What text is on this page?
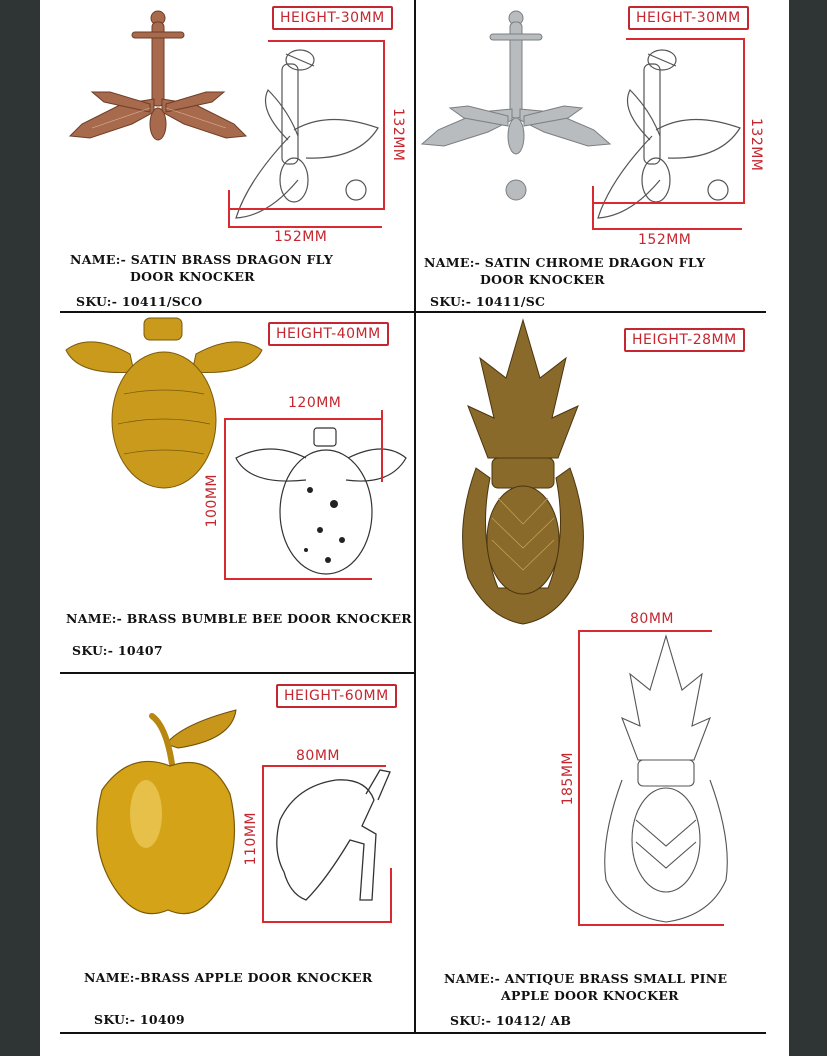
HEIGHT-30MM
132MM
152MM
NAME:- SATIN BRASS DRAGON FLY
DOOR KNOCKER
SKU:- 10411/SCO
HEIGHT-30MM
132MM
152MM
NAME:- SATIN CHROME DRAGON FLY
DOOR KNOCKER
SKU:- 10411/SC
HEIGHT-40MM
120MM
100MM
NAME:- BRASS BUMBLE BEE DOOR KNOCKER
SKU:- 10407
HEIGHT-28MM
80MM
185MM
NAME:- ANTIQUE BRASS SMALL PINE
APPLE DOOR KNOCKER
SKU:- 10412/ AB
HEIGHT-60MM
80MM
110MM
NAME:-BRASS APPLE DOOR KNOCKER
SKU:- 10409
